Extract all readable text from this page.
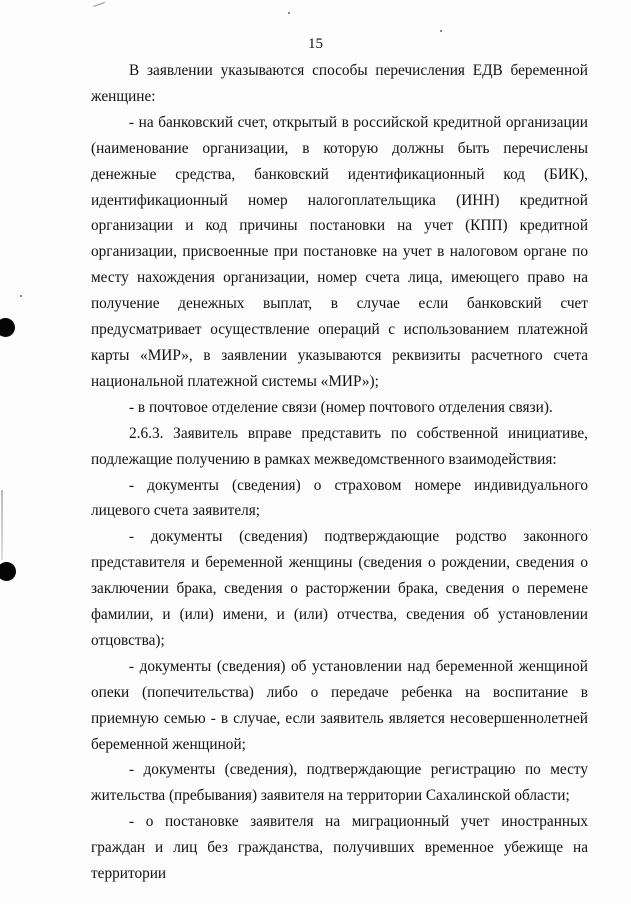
15

В заявлении указываются способы перечисления ЕДВ беременной женщине:

- на банковский счет, открытый в российской кредитной организации (наименование организации, в которую должны быть перечислены денежные средства, банковский идентификационный код (БИК), идентификационный номер налогоплательщика (ИНН) кредитной организации и код причины постановки на учет (КПП) кредитной организации, присвоенные при постановке на учет в налоговом органе по месту нахождения организации, номер счета лица, имеющего право на получение денежных выплат, в случае если банковский счет предусматривает осуществление операций с использованием платежной карты «МИР», в заявлении указываются реквизиты расчетного счета национальной платежной системы «МИР»);

- в почтовое отделение связи (номер почтового отделения связи).

2.6.3. Заявитель вправе представить по собственной инициативе, подлежащие получению в рамках межведомственного взаимодействия:

- документы (сведения) о страховом номере индивидуального лицевого счета заявителя;

- документы (сведения) подтверждающие родство законного представителя и беременной женщины (сведения о рождении, сведения о заключении брака, сведения о расторжении брака, сведения о перемене фамилии, и (или) имени, и (или) отчества, сведения об установлении отцовства);

- документы (сведения) об установлении над беременной женщиной опеки (попечительства) либо о передаче ребенка на воспитание в приемную семью - в случае, если заявитель является несовершеннолетней беременной женщиной;

- документы (сведения), подтверждающие регистрацию по месту жительства (пребывания) заявителя на территории Сахалинской области;

- о постановке заявителя на миграционный учет иностранных граждан и лиц без гражданства, получивших временное убежище на территории
